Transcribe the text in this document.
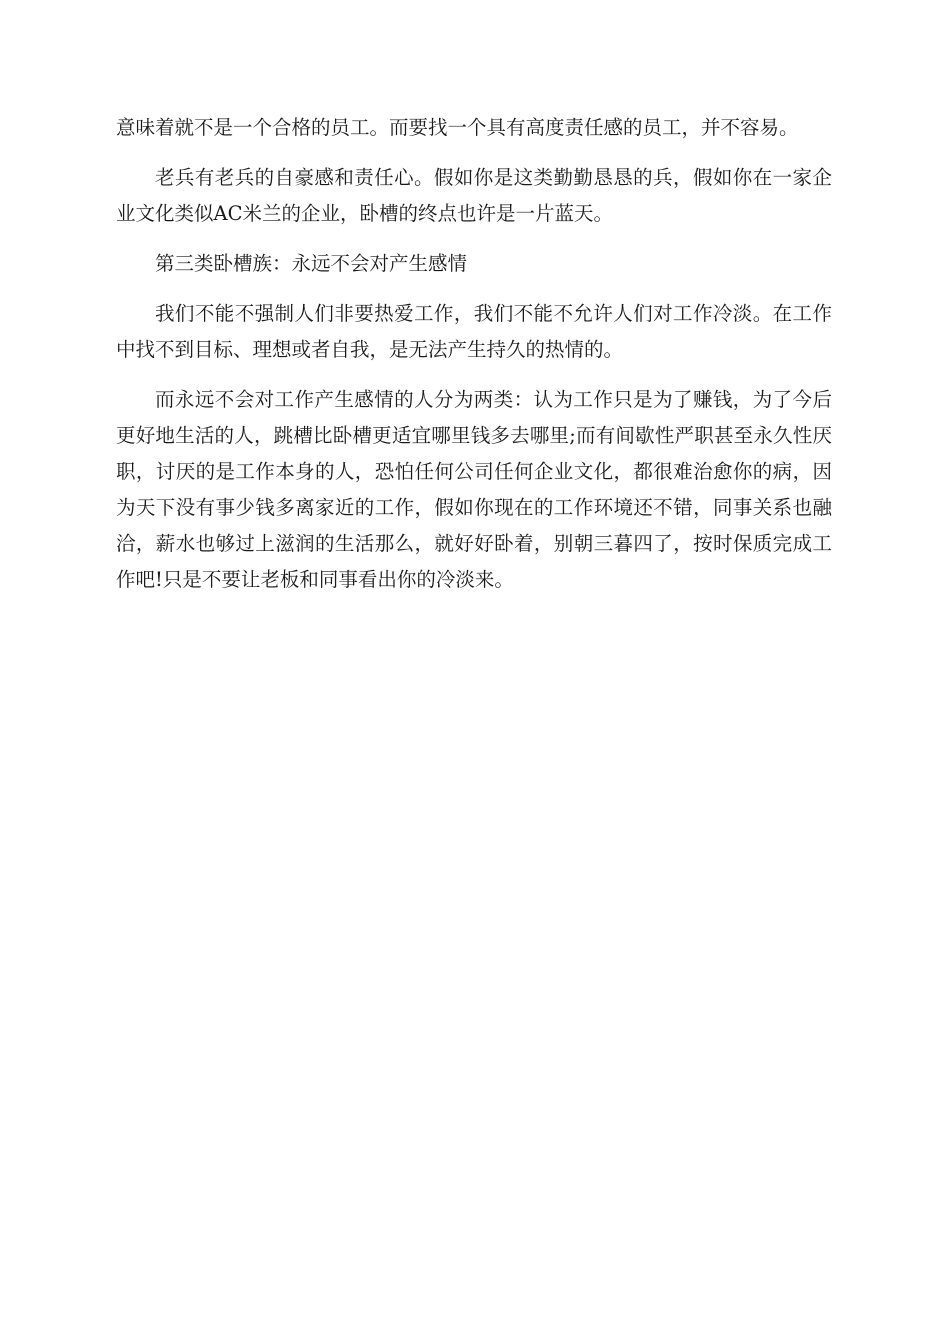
意味着就不是一个合格的员工。而要找一个具有高度责任感的员工，并不容易。

老兵有老兵的自豪感和责任心。假如你是这类勤勤恳恳的兵，假如你在一家企业文化类似AC米兰的企业，卧槽的终点也许是一片蓝天。

第三类卧槽族：永远不会对产生感情

我们不能不强制人们非要热爱工作，我们不能不允许人们对工作冷淡。在工作中找不到目标、理想或者自我，是无法产生持久的热情的。

而永远不会对工作产生感情的人分为两类：认为工作只是为了赚钱，为了今后更好地生活的人，跳槽比卧槽更适宜哪里钱多去哪里;而有间歇性严职甚至永久性厌职，讨厌的是工作本身的人，恐怕任何公司任何企业文化，都很难治愈你的病，因为天下没有事少钱多离家近的工作，假如你现在的工作环境还不错，同事关系也融洽，薪水也够过上滋润的生活那么，就好好卧着，别朝三暮四了，按时保质完成工作吧!只是不要让老板和同事看出你的冷淡来。
